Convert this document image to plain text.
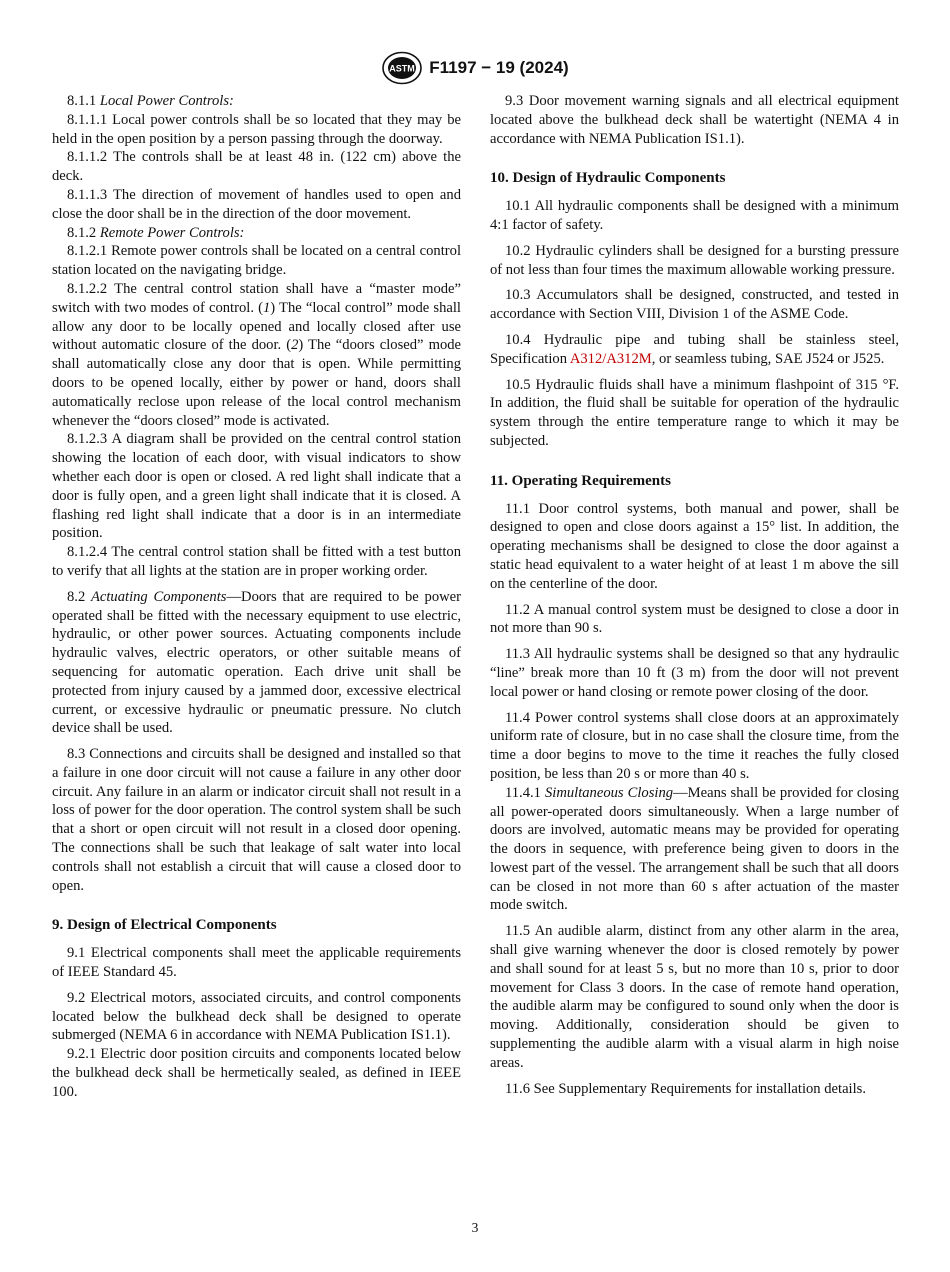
ASTM F1197 − 19 (2024)

8.1.1 Local Power Controls:

8.1.1.1 Local power controls shall be so located that they may be held in the open position by a person passing through the doorway.

8.1.1.2 The controls shall be at least 48 in. (122 cm) above the deck.

8.1.1.3 The direction of movement of handles used to open and close the door shall be in the direction of the door movement.

8.1.2 Remote Power Controls:

8.1.2.1 Remote power controls shall be located on a central control station located on the navigating bridge.

8.1.2.2 The central control station shall have a “master mode” switch with two modes of control. (1) The “local control” mode shall allow any door to be locally opened and locally closed after use without automatic closure of the door. (2) The “doors closed” mode shall automatically close any door that is open. While permitting doors to be opened locally, either by power or hand, doors shall automatically reclose upon release of the local control mechanism whenever the “doors closed” mode is activated.

8.1.2.3 A diagram shall be provided on the central control station showing the location of each door, with visual indicators to show whether each door is open or closed. A red light shall indicate that a door is fully open, and a green light shall indicate that it is closed. A flashing red light shall indicate that a door is in an intermediate position.

8.1.2.4 The central control station shall be fitted with a test button to verify that all lights at the station are in proper working order.

8.2 Actuating Components—Doors that are required to be power operated shall be fitted with the necessary equipment to use electric, hydraulic, or other power sources. Actuating components include hydraulic valves, electric operators, or other suitable means of sequencing for automatic operation. Each drive unit shall be protected from injury caused by a jammed door, excessive electrical current, or excessive hydraulic or pneumatic pressure. No clutch device shall be used.

8.3 Connections and circuits shall be designed and installed so that a failure in one door circuit will not cause a failure in any other door circuit. Any failure in an alarm or indicator circuit shall not result in a loss of power for the door operation. The control system shall be such that a short or open circuit will not result in a closed door opening. The connections shall be such that leakage of salt water into local controls shall not establish a circuit that will cause a closed door to open.

9. Design of Electrical Components

9.1 Electrical components shall meet the applicable requirements of IEEE Standard 45.

9.2 Electrical motors, associated circuits, and control components located below the bulkhead deck shall be designed to operate submerged (NEMA 6 in accordance with NEMA Publication IS1.1).

9.2.1 Electric door position circuits and components located below the bulkhead deck shall be hermetically sealed, as defined in IEEE 100.

9.3 Door movement warning signals and all electrical equipment located above the bulkhead deck shall be watertight (NEMA 4 in accordance with NEMA Publication IS1.1).

10. Design of Hydraulic Components

10.1 All hydraulic components shall be designed with a minimum 4:1 factor of safety.

10.2 Hydraulic cylinders shall be designed for a bursting pressure of not less than four times the maximum allowable working pressure.

10.3 Accumulators shall be designed, constructed, and tested in accordance with Section VIII, Division 1 of the ASME Code.

10.4 Hydraulic pipe and tubing shall be stainless steel, Specification A312/A312M, or seamless tubing, SAE J524 or J525.

10.5 Hydraulic fluids shall have a minimum flashpoint of 315 °F. In addition, the fluid shall be suitable for operation of the hydraulic system through the entire temperature range to which it may be subjected.

11. Operating Requirements

11.1 Door control systems, both manual and power, shall be designed to open and close doors against a 15° list. In addition, the operating mechanisms shall be designed to close the door against a static head equivalent to a water height of at least 1 m above the sill on the centerline of the door.

11.2 A manual control system must be designed to close a door in not more than 90 s.

11.3 All hydraulic systems shall be designed so that any hydraulic “line” break more than 10 ft (3 m) from the door will not prevent local power or hand closing or remote power closing of the door.

11.4 Power control systems shall close doors at an approximately uniform rate of closure, but in no case shall the closure time, from the time a door begins to move to the time it reaches the fully closed position, be less than 20 s or more than 40 s.

11.4.1 Simultaneous Closing—Means shall be provided for closing all power-operated doors simultaneously. When a large number of doors are involved, automatic means may be provided for operating the doors in sequence, with preference being given to doors in the lowest part of the vessel. The arrangement shall be such that all doors can be closed in not more than 60 s after actuation of the master mode switch.

11.5 An audible alarm, distinct from any other alarm in the area, shall give warning whenever the door is closed remotely by power and shall sound for at least 5 s, but no more than 10 s, prior to door movement for Class 3 doors. In the case of remote hand operation, the audible alarm may be configured to sound only when the door is moving. Additionally, consideration should be given to supplementing the audible alarm with a visual alarm in high noise areas.

11.6 See Supplementary Requirements for installation details.

3
